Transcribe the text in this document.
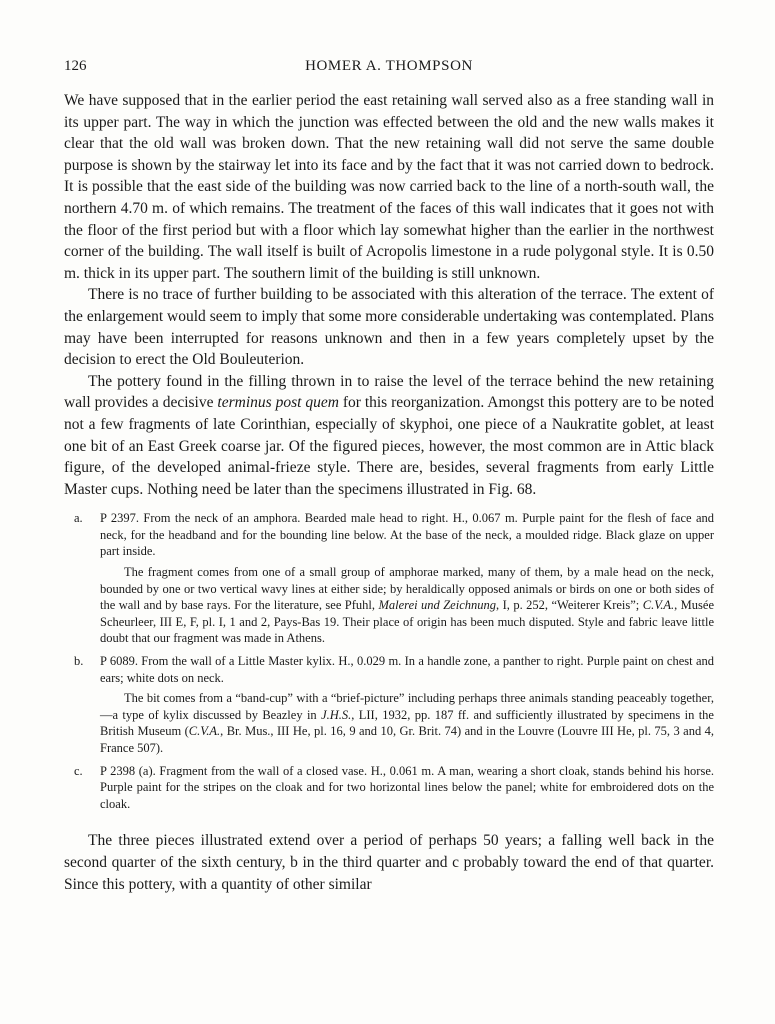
126	HOMER A. THOMPSON

We have supposed that in the earlier period the east retaining wall served also as a free standing wall in its upper part. The way in which the junction was effected between the old and the new walls makes it clear that the old wall was broken down. That the new retaining wall did not serve the same double purpose is shown by the stairway let into its face and by the fact that it was not carried down to bedrock. It is possible that the east side of the building was now carried back to the line of a north-south wall, the northern 4.70 m. of which remains. The treatment of the faces of this wall indicates that it goes not with the floor of the first period but with a floor which lay somewhat higher than the earlier in the northwest corner of the building. The wall itself is built of Acropolis limestone in a rude polygonal style. It is 0.50 m. thick in its upper part. The southern limit of the building is still unknown.

There is no trace of further building to be associated with this alteration of the terrace. The extent of the enlargement would seem to imply that some more considerable undertaking was contemplated. Plans may have been interrupted for reasons unknown and then in a few years completely upset by the decision to erect the Old Bouleuterion.

The pottery found in the filling thrown in to raise the level of the terrace behind the new retaining wall provides a decisive terminus post quem for this reorganization. Amongst this pottery are to be noted not a few fragments of late Corinthian, especially of skyphoi, one piece of a Naukratite goblet, at least one bit of an East Greek coarse jar. Of the figured pieces, however, the most common are in Attic black figure, of the developed animal-frieze style. There are, besides, several fragments from early Little Master cups. Nothing need be later than the specimens illustrated in Fig. 68.

a. P 2397. From the neck of an amphora. Bearded male head to right. H., 0.067 m. Purple paint for the flesh of face and neck, for the headband and for the bounding line below. At the base of the neck, a moulded ridge. Black glaze on upper part inside.
The fragment comes from one of a small group of amphorae marked, many of them, by a male head on the neck, bounded by one or two vertical wavy lines at either side; by heraldically opposed animals or birds on one or both sides of the wall and by base rays. For the literature, see Pfuhl, Malerei und Zeichnung, I, p. 252, “Weiterer Kreis”; C.V.A., Musée Scheurleer, III E, F, pl. I, 1 and 2, Pays-Bas 19. Their place of origin has been much disputed. Style and fabric leave little doubt that our fragment was made in Athens.
b. P 6089. From the wall of a Little Master kylix. H., 0.029 m. In a handle zone, a panther to right. Purple paint on chest and ears; white dots on neck.
The bit comes from a “band-cup” with a “brief-picture” including perhaps three animals standing peaceably together,—a type of kylix discussed by Beazley in J.H.S., LII, 1932, pp. 187 ff. and sufficiently illustrated by specimens in the British Museum (C.V.A., Br. Mus., III He, pl. 16, 9 and 10, Gr. Brit. 74) and in the Louvre (Louvre III He, pl. 75, 3 and 4, France 507).
c. P 2398 (a). Fragment from the wall of a closed vase. H., 0.061 m. A man, wearing a short cloak, stands behind his horse. Purple paint for the stripes on the cloak and for two horizontal lines below the panel; white for embroidered dots on the cloak.

The three pieces illustrated extend over a period of perhaps 50 years; a falling well back in the second quarter of the sixth century, b in the third quarter and c probably toward the end of that quarter. Since this pottery, with a quantity of other similar
